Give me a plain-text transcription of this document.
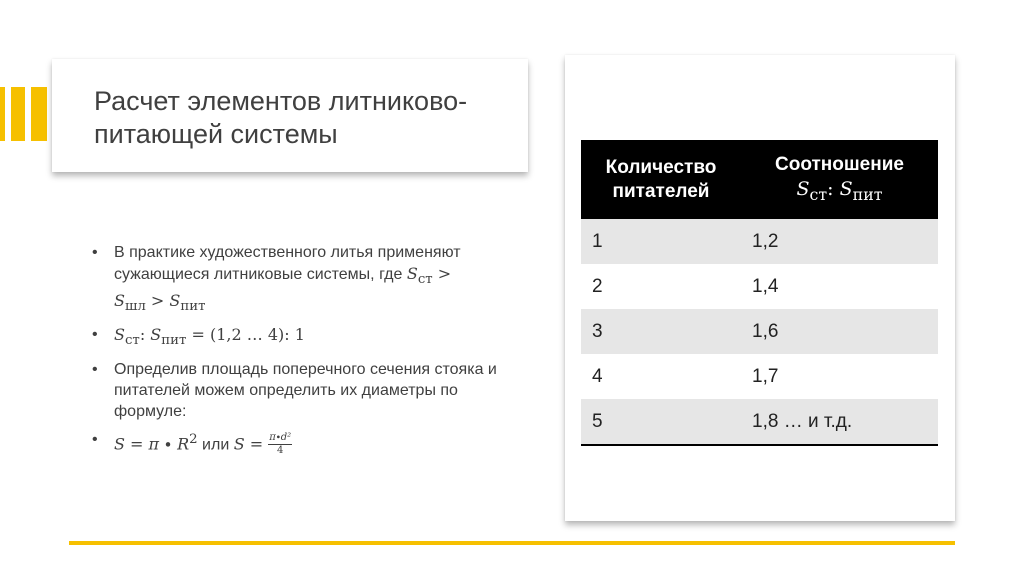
Расчет элементов литниково-питающей системы
• В практике художественного литья применяют сужающиеся литниковые системы, где $S_{ст}$ >
$S_{шл} > S_{пит}$
• $S_{ст}$: $S_{пит} = (1,2$ … 4): 1
• Определив площадь поперечного сечения стояка и питателей можем определить их диаметры по формуле:
• $S = \pi \cdot R^2$ или $S = \frac{\text{π∙d²}}{4}$
Количество питателей	Соотношение
$S_{ст}$: $S_{пит}$
1	1,2
2	1,4
3	1,6
4	1,7
5	1,8 … и т.д.
